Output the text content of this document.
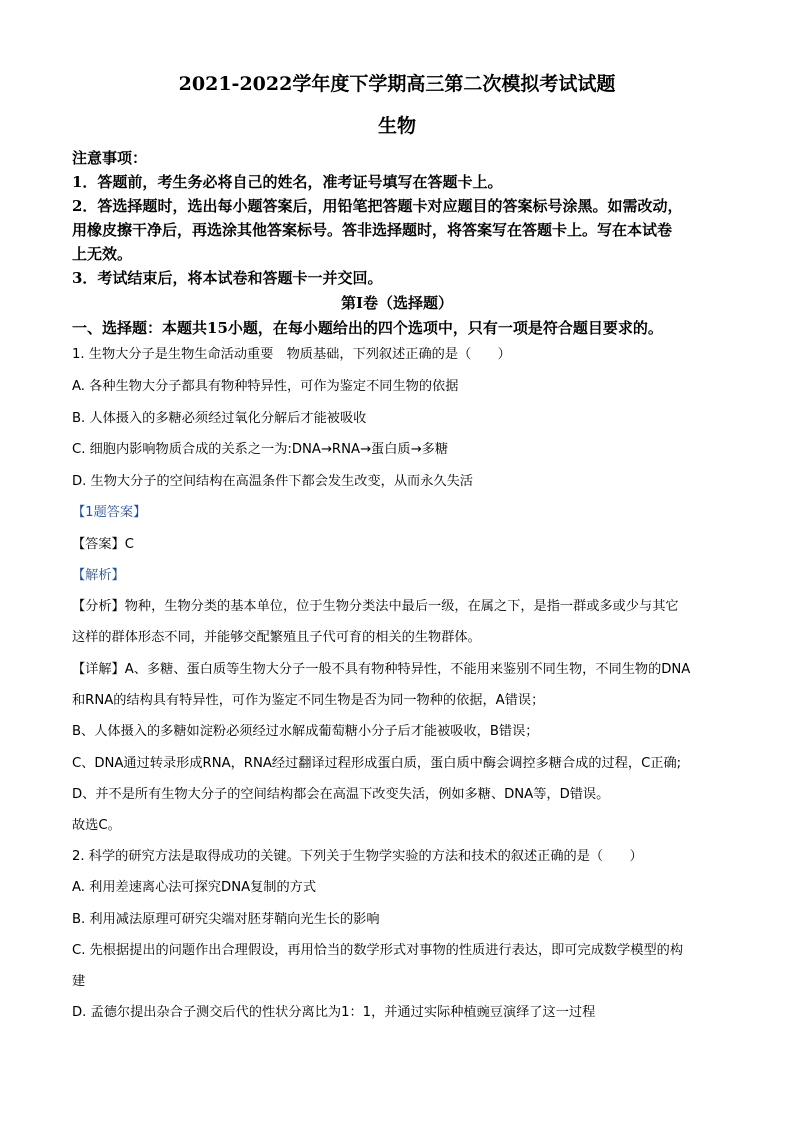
2021-2022学年度下学期高三第二次模拟考试试题
生物
注意事项：
1．答题前，考生务必将自己的姓名，准考证号填写在答题卡上。
2．答选择题时，选出每小题答案后，用铅笔把答题卡对应题目的答案标号涂黑。如需改动，
用橡皮擦干净后，再选涂其他答案标号。答非选择题时，将答案写在答题卡上。写在本试卷
上无效。
3．考试结束后，将本试卷和答题卡一并交回。
第Ⅰ卷（选择题）
一、选择题：本题共15小题，在每小题给出的四个选项中，只有一项是符合题目要求的。
1. 生物大分子是生物生命活动重要　物质基础，下列叙述正确的是（　　）
A. 各种生物大分子都具有物种特异性，可作为鉴定不同生物的依据
B. 人体摄入的多糖必须经过氧化分解后才能被吸收
C. 细胞内影响物质合成的关系之一为:DNA→RNA→蛋白质→多糖
D. 生物大分子的空间结构在高温条件下都会发生改变，从而永久失活
【1题答案】
【答案】C
【解析】
【分析】物种，生物分类的基本单位，位于生物分类法中最后一级，在属之下，是指一群或多或少与其它
这样的群体形态不同，并能够交配繁殖且子代可育的相关的生物群体。
【详解】A、多糖、蛋白质等生物大分子一般不具有物种特异性，不能用来鉴别不同生物，不同生物的DNA
和RNA的结构具有特异性，可作为鉴定不同生物是否为同一物种的依据，A错误；
B、人体摄入的多糖如淀粉必须经过水解成葡萄糖小分子后才能被吸收，B错误；
C、DNA通过转录形成RNA，RNA经过翻译过程形成蛋白质，蛋白质中酶会调控多糖合成的过程，C正确;
D、并不是所有生物大分子的空间结构都会在高温下改变失活，例如多糖、DNA等，D错误。
故选C。
2. 科学的研究方法是取得成功的关键。下列关于生物学实验的方法和技术的叙述正确的是（　　）
A. 利用差速离心法可探究DNA复制的方式
B. 利用减法原理可研究尖端对胚芽鞘向光生长的影响
C. 先根据提出的问题作出合理假设，再用恰当的数学形式对事物的性质进行表达，即可完成数学模型的构
建
D. 孟德尔提出杂合子测交后代的性状分离比为1：1，并通过实际种植豌豆演绎了这一过程
